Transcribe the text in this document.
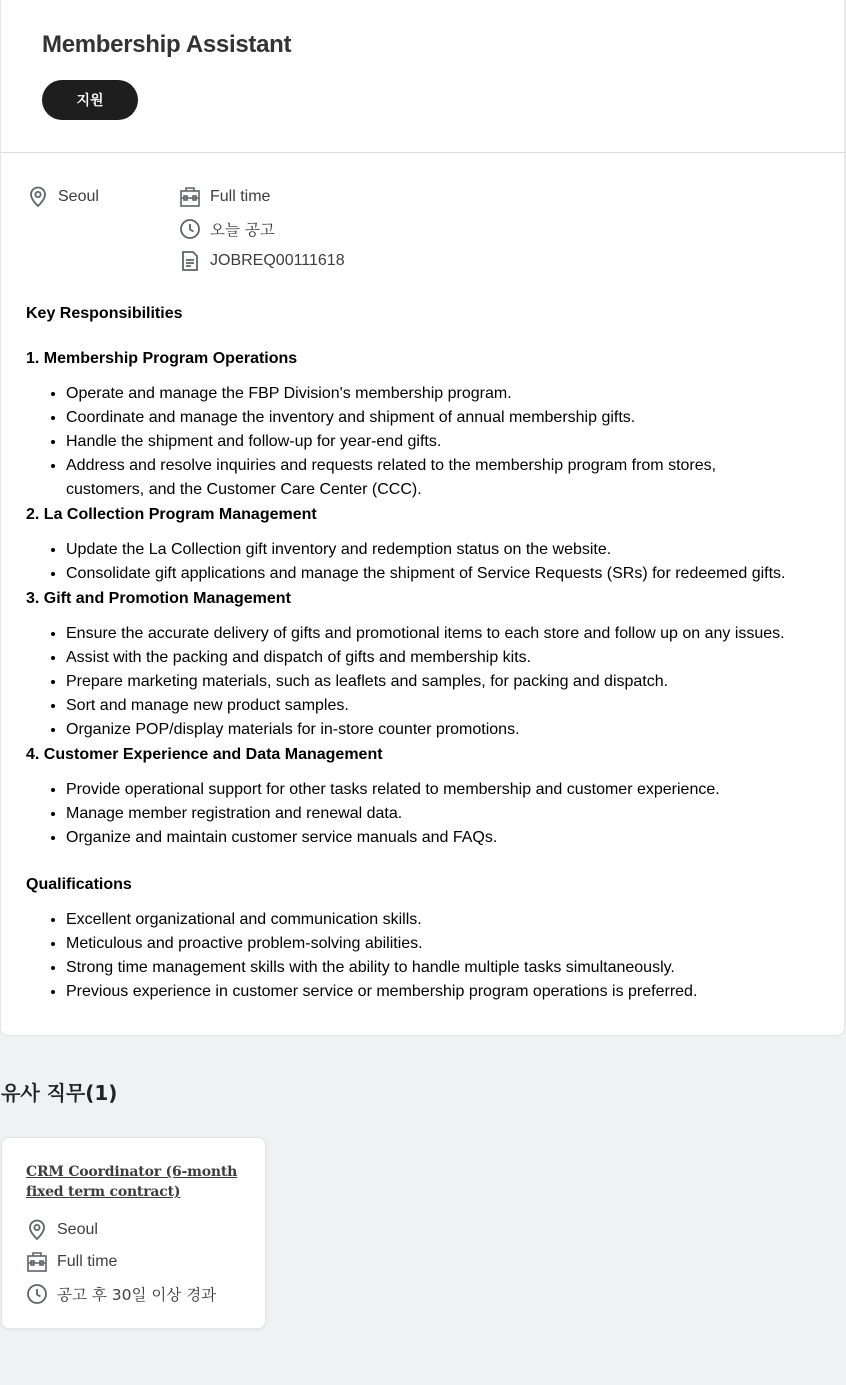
Membership Assistant
지원
Seoul	Full time
오늘 공고
JOBREQ00111618
Key Responsibilities
1. Membership Program Operations
• Operate and manage the FBP Division's membership program.
• Coordinate and manage the inventory and shipment of annual membership gifts.
• Handle the shipment and follow-up for year-end gifts.
• Address and resolve inquiries and requests related to the membership program from stores, customers, and the Customer Care Center (CCC).
2. La Collection Program Management
• Update the La Collection gift inventory and redemption status on the website.
• Consolidate gift applications and manage the shipment of Service Requests (SRs) for redeemed gifts.
3. Gift and Promotion Management
• Ensure the accurate delivery of gifts and promotional items to each store and follow up on any issues.
• Assist with the packing and dispatch of gifts and membership kits.
• Prepare marketing materials, such as leaflets and samples, for packing and dispatch.
• Sort and manage new product samples.
• Organize POP/display materials for in-store counter promotions.
4. Customer Experience and Data Management
• Provide operational support for other tasks related to membership and customer experience.
• Manage member registration and renewal data.
• Organize and maintain customer service manuals and FAQs.
Qualifications
• Excellent organizational and communication skills.
• Meticulous and proactive problem-solving abilities.
• Strong time management skills with the ability to handle multiple tasks simultaneously.
• Previous experience in customer service or membership program operations is preferred.
유사 직무(1)
CRM Coordinator (6-month fixed term contract)
Seoul
Full time
공고 후 30일 이상 경과
